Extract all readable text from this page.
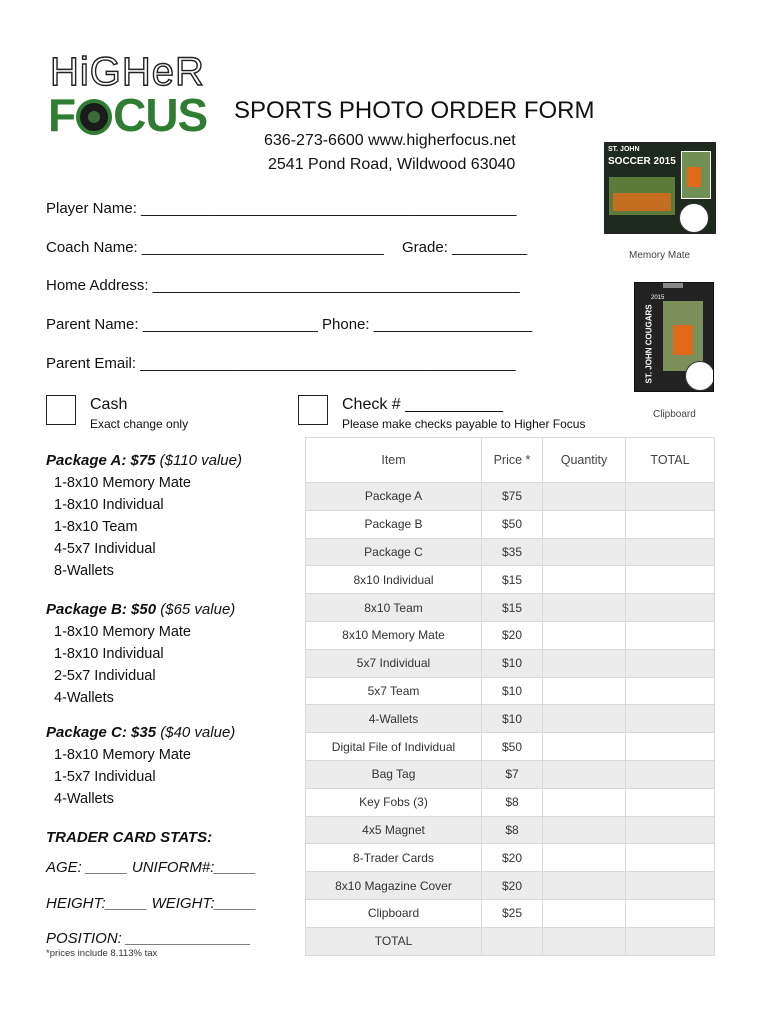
HiGHeR
F CUS SPORTS PHOTO ORDER FORM
636-273-6600 www.higherfocus.net
2541 Pond Road, Wildwood 63040
ST. JOHN
SOCCER 2015
Memory Mate
2015
ST. JOHN COUGARS
Clipboard
Player Name: _____________________________________________
Coach Name: _____________________________ Grade: _________
Home Address: ____________________________________________
Parent Name: _____________________ Phone: ___________________
Parent Email: _____________________________________________
Cash
Exact change only
Check # ___________
Please make checks payable to Higher Focus
Package A: $75 ($110 value)
1-8x10 Memory Mate
1-8x10 Individual
1-8x10 Team
4-5x7 Individual
8-Wallets
Package B: $50 ($65 value)
1-8x10 Memory Mate
1-8x10 Individual
2-5x7 Individual
4-Wallets
Package C: $35 ($40 value)
1-8x10 Memory Mate
1-5x7 Individual
4-Wallets
TRADER CARD STATS:
AGE: _____ UNIFORM#:_____
HEIGHT:_____ WEIGHT:_____
POSITION: _______________
*prices include 8.113% tax
Item	Price *	Quantity	TOTAL
Package A	$75		
Package B	$50		
Package C	$35		
8x10 Individual	$15		
8x10 Team	$15		
8x10 Memory Mate	$20		
5x7 Individual	$10		
5x7 Team	$10		
4-Wallets	$10		
Digital File of Individual	$50		
Bag Tag	$7		
Key Fobs (3)	$8		
4x5 Magnet	$8		
8-Trader Cards	$20		
8x10 Magazine Cover	$20		
Clipboard	$25		
TOTAL			
